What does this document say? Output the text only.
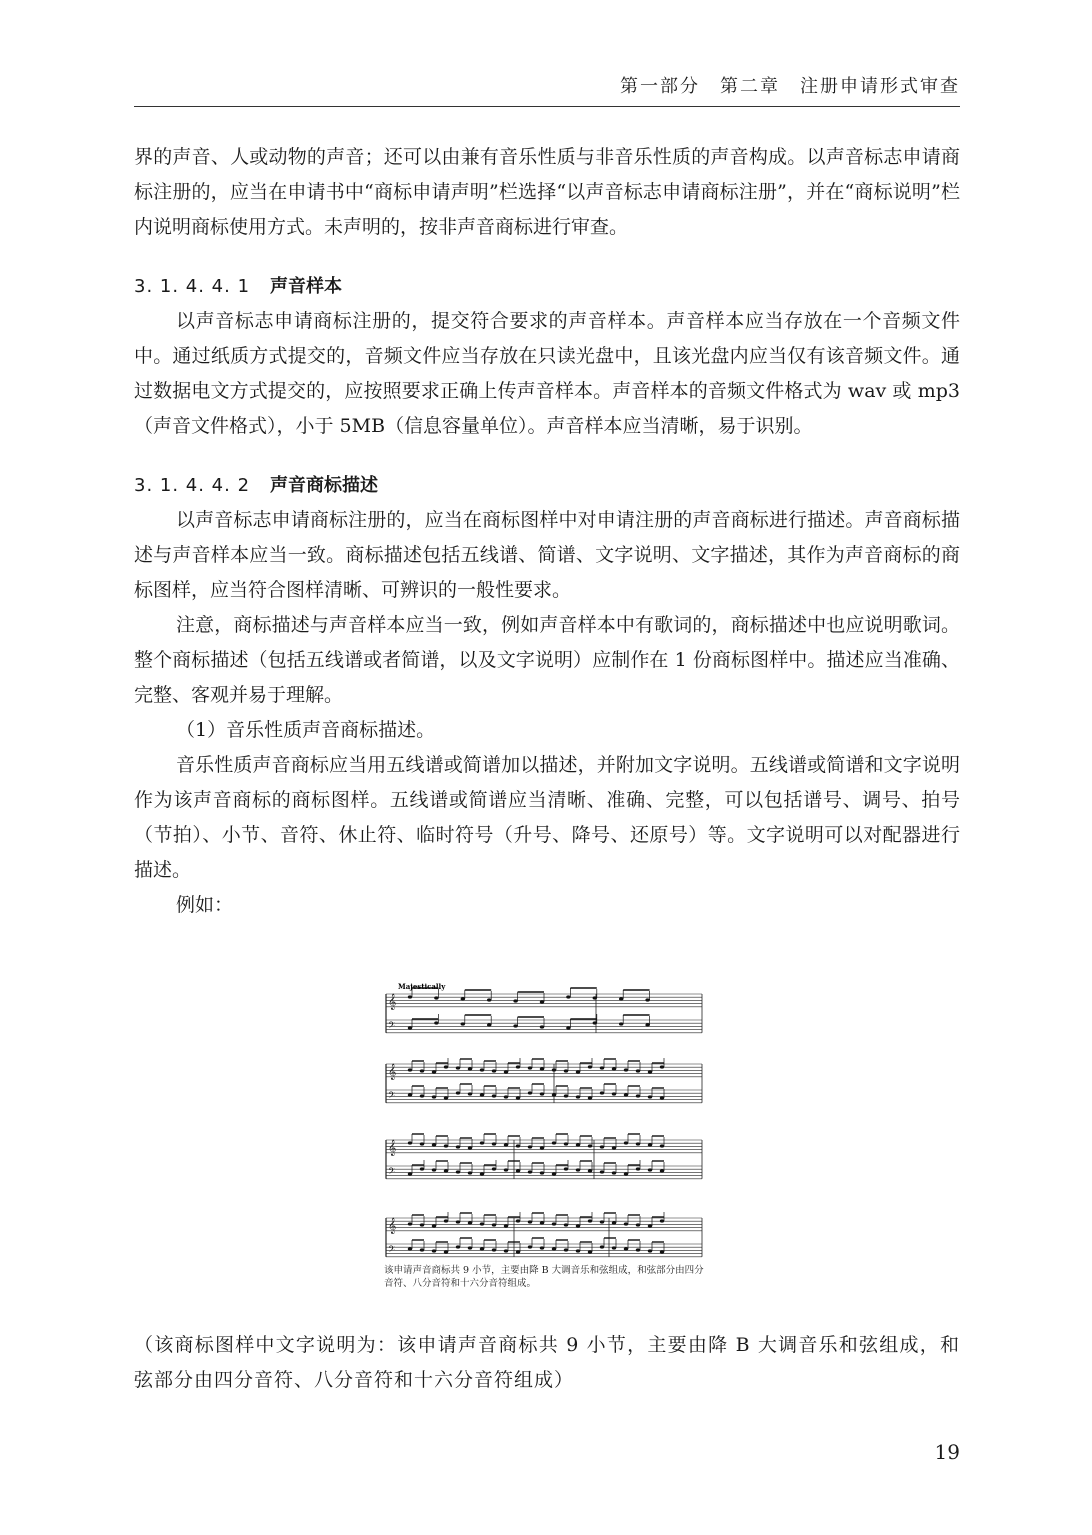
第一部分　第二章　注册申请形式审查

界的声音、人或动物的声音；还可以由兼有音乐性质与非音乐性质的声音构成。以声音标志申请商标注册的，应当在申请书中“商标申请声明”栏选择“以声音标志申请商标注册”，并在“商标说明”栏内说明商标使用方式。未声明的，按非声音商标进行审查。

3. 1. 4. 4. 1 声音样本

以声音标志申请商标注册的，提交符合要求的声音样本。声音样本应当存放在一个音频文件中。通过纸质方式提交的，音频文件应当存放在只读光盘中，且该光盘内应当仅有该音频文件。通过数据电文方式提交的，应按照要求正确上传声音样本。声音样本的音频文件格式为 wav 或 mp3（声音文件格式），小于 5MB（信息容量单位）。声音样本应当清晰，易于识别。

3. 1. 4. 4. 2 声音商标描述

以声音标志申请商标注册的，应当在商标图样中对申请注册的声音商标进行描述。声音商标描述与声音样本应当一致。商标描述包括五线谱、简谱、文字说明、文字描述，其作为声音商标的商标图样，应当符合图样清晰、可辨识的一般性要求。

注意，商标描述与声音样本应当一致，例如声音样本中有歌词的，商标描述中也应说明歌词。整个商标描述（包括五线谱或者简谱，以及文字说明）应制作在 1 份商标图样中。描述应当准确、完整、客观并易于理解。

（1）音乐性质声音商标描述。

音乐性质声音商标应当用五线谱或简谱加以描述，并附加文字说明。五线谱或简谱和文字说明作为该声音商标的商标图样。五线谱或简谱应当清晰、准确、完整，可以包括谱号、调号、拍号（节拍）、小节、音符、休止符、临时符号（升号、降号、还原号）等。文字说明可以对配器进行描述。

例如：

Majestically
𝄞
𝄢
𝄞
𝄢
𝄞
𝄢
𝄞
𝄢
该申请声音商标共 9 小节，主要由降 B 大调音乐和弦组成，和弦部分由四分音符、八分音符和十六分音符组成。
（该商标图样中文字说明为：该申请声音商标共 9 小节，主要由降 B 大调音乐和弦组成，和弦部分由四分音符、八分音符和十六分音符组成）
19
